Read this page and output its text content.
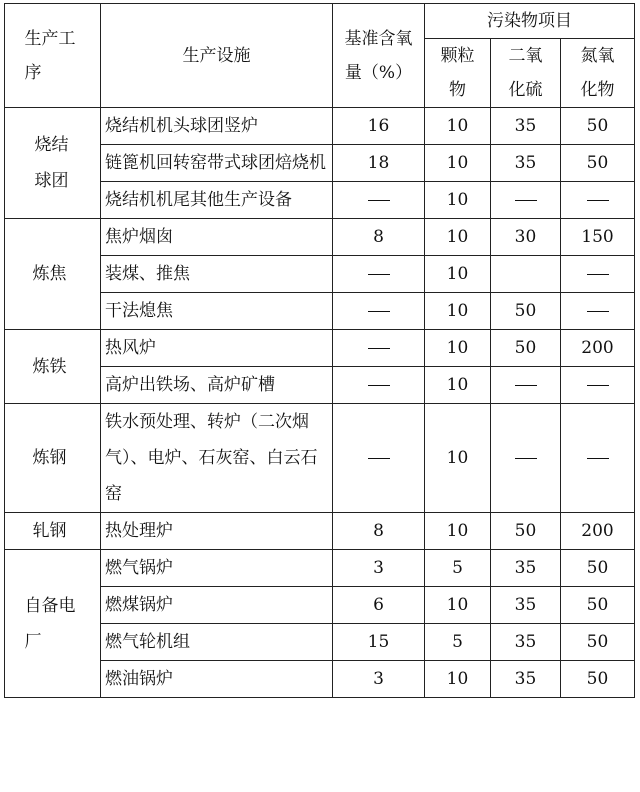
生产工序	生产设施	基准含氧量（%）	污染物项目		

			颗粒物	二氧化硫	氮氧化物

烧结球团	烧结机机头球团竖炉	16	10	35	50
	链篦机回转窑带式球团焙烧机	18	10	35	50
	烧结机机尾其他生产设备		10		

炼焦	焦炉烟囱	8	10	30	150
	装煤、推焦		10		
	干法熄焦		10	50	

炼铁	热风炉		10	50	200
	高炉出铁场、高炉矿槽		10		

炼钢	铁水预处理、转炉（二次烟气）、电炉、石灰窑、白云石窑		10		

轧钢	热处理炉	8	10	50	200

自备电厂	燃气锅炉	3	5	35	50
	燃煤锅炉	6	10	35	50
	燃气轮机组	15	5	35	50
	燃油锅炉	3	10	35	50
